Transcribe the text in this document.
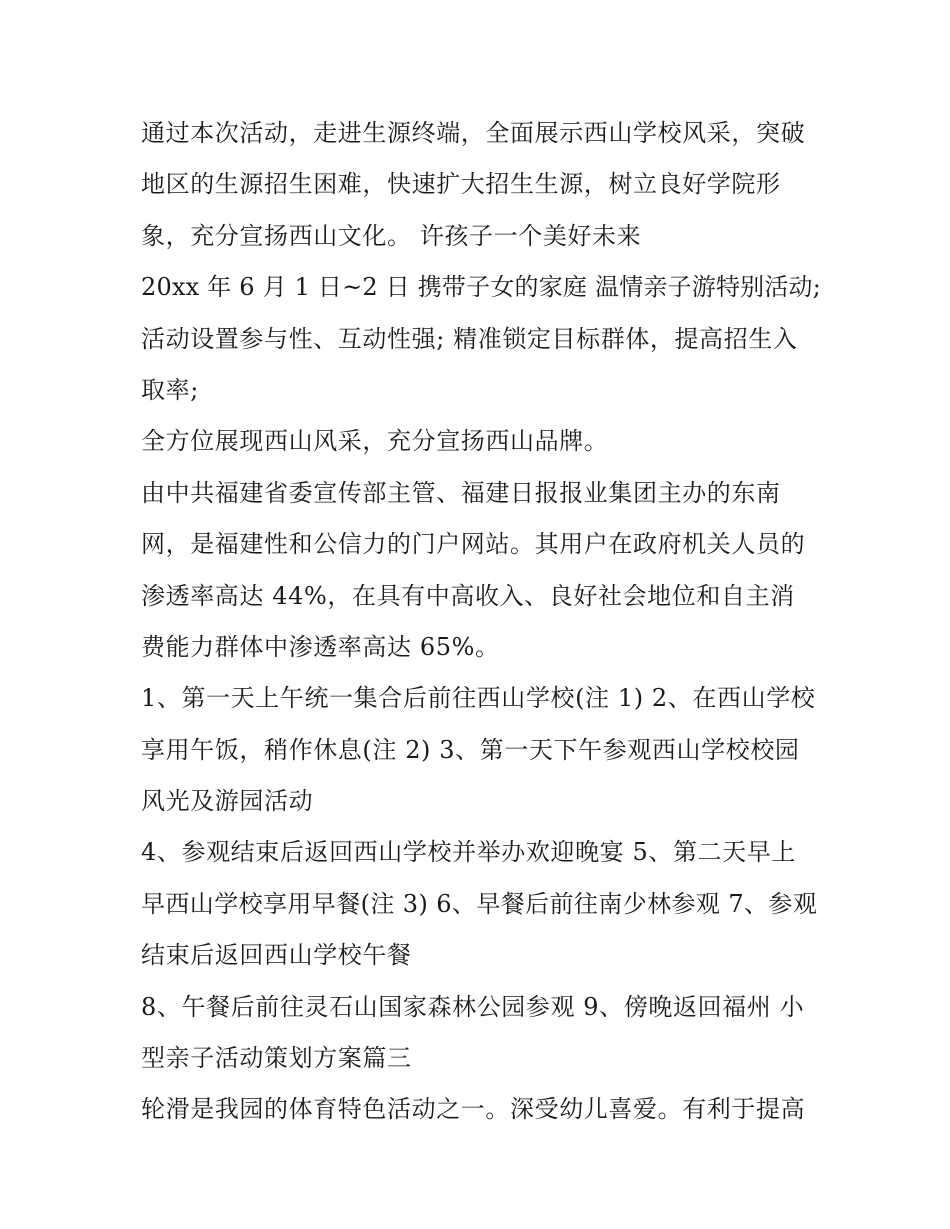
通过本次活动，走进生源终端，全面展示西山学校风采，突破
地区的生源招生困难，快速扩大招生生源，树立良好学院形
象，充分宣扬西山文化。 许孩子一个美好未来
20xx 年 6 月 1 日~2 日 携带子女的家庭 温情亲子游特别活动;
活动设置参与性、互动性强; 精准锁定目标群体，提高招生入
取率;
全方位展现西山风采，充分宣扬西山品牌。
由中共福建省委宣传部主管、福建日报报业集团主办的东南
网，是福建性和公信力的门户网站。其用户在政府机关人员的
渗透率高达 44%，在具有中高收入、良好社会地位和自主消
费能力群体中渗透率高达 65%。
1、第一天上午统一集合后前往西山学校(注 1) 2、在西山学校
享用午饭，稍作休息(注 2) 3、第一天下午参观西山学校校园
风光及游园活动
4、参观结束后返回西山学校并举办欢迎晚宴 5、第二天早上
早西山学校享用早餐(注 3) 6、早餐后前往南少林参观 7、参观
结束后返回西山学校午餐
8、午餐后前往灵石山国家森林公园参观 9、傍晚返回福州 小
型亲子活动策划方案篇三
轮滑是我园的体育特色活动之一。深受幼儿喜爱。有利于提高
